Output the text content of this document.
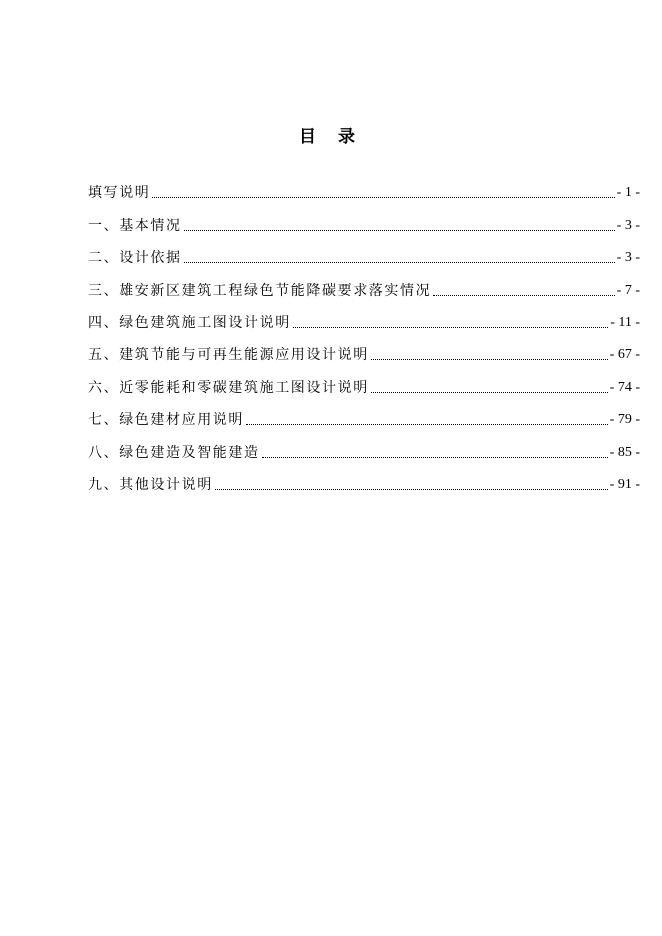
目 录
填写说明	- 1 -
一、基本情况	- 3 -
二、设计依据	- 3 -
三、雄安新区建筑工程绿色节能降碳要求落实情况	- 7 -
四、绿色建筑施工图设计说明	- 11 -
五、建筑节能与可再生能源应用设计说明	- 67 -
六、近零能耗和零碳建筑施工图设计说明	- 74 -
七、绿色建材应用说明	- 79 -
八、绿色建造及智能建造	- 85 -
九、其他设计说明	- 91 -
